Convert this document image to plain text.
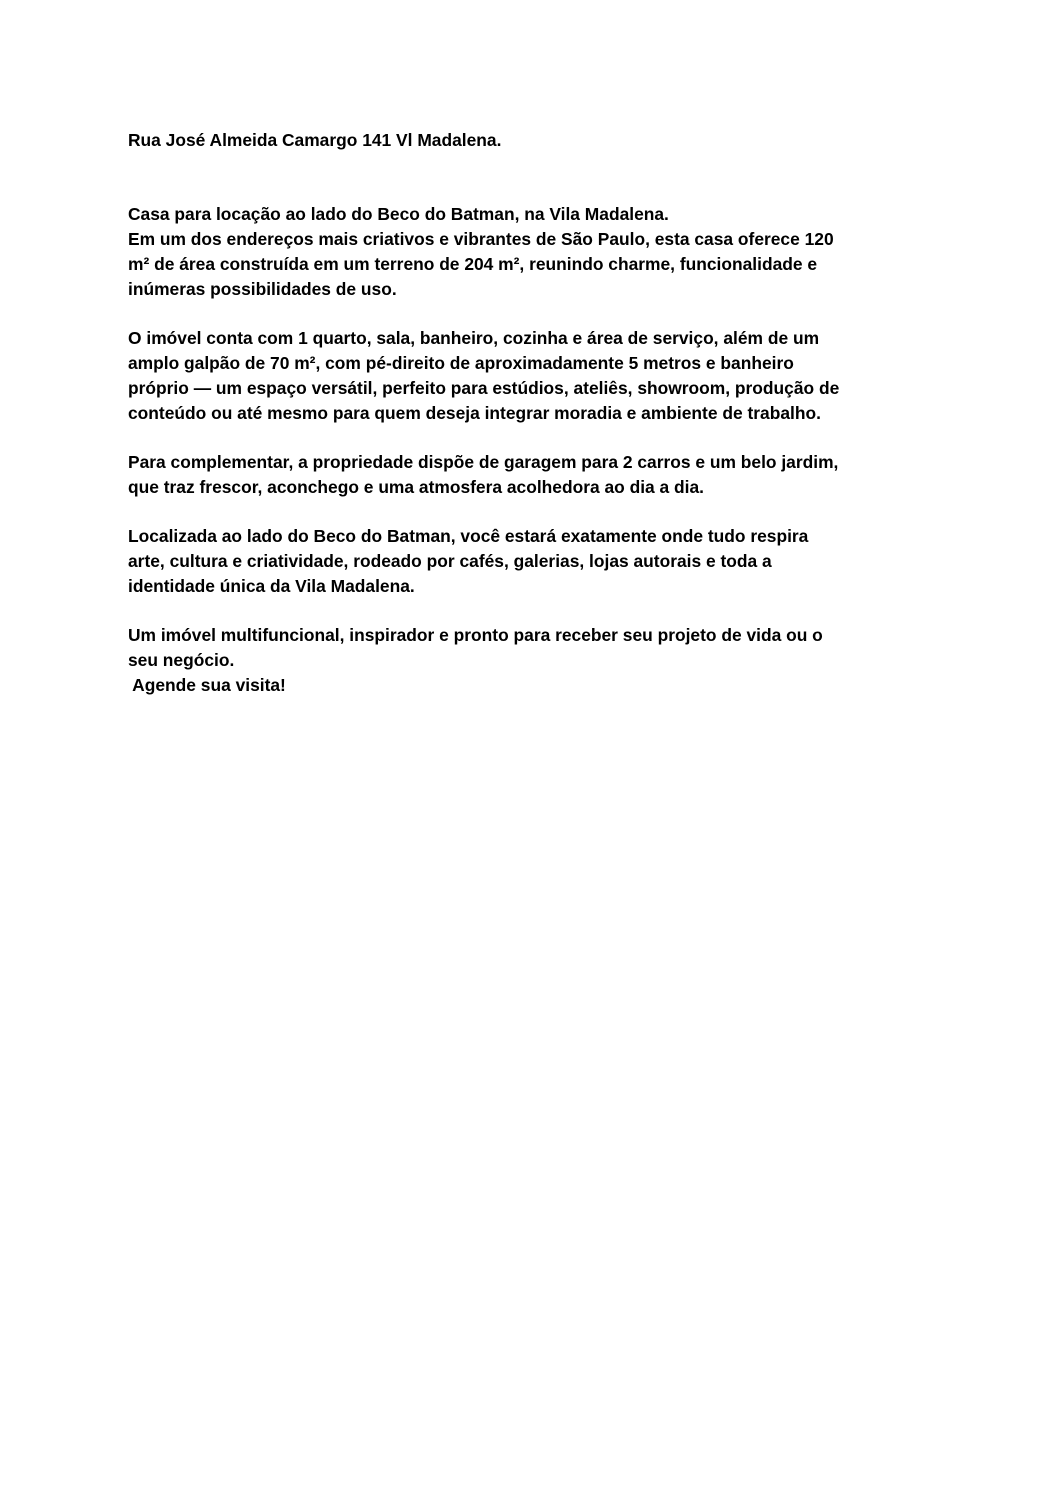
Rua José Almeida Camargo 141 Vl Madalena.

Casa para locação ao lado do Beco do Batman, na Vila Madalena.
Em um dos endereços mais criativos e vibrantes de São Paulo, esta casa oferece 120
m² de área construída em um terreno de 204 m², reunindo charme, funcionalidade e
inúmeras possibilidades de uso.

O imóvel conta com 1 quarto, sala, banheiro, cozinha e área de serviço, além de um
amplo galpão de 70 m², com pé-direito de aproximadamente 5 metros e banheiro
próprio — um espaço versátil, perfeito para estúdios, ateliês, showroom, produção de
conteúdo ou até mesmo para quem deseja integrar moradia e ambiente de trabalho.

Para complementar, a propriedade dispõe de garagem para 2 carros e um belo jardim,
que traz frescor, aconchego e uma atmosfera acolhedora ao dia a dia.

Localizada ao lado do Beco do Batman, você estará exatamente onde tudo respira
arte, cultura e criatividade, rodeado por cafés, galerias, lojas autorais e toda a
identidade única da Vila Madalena.

Um imóvel multifuncional, inspirador e pronto para receber seu projeto de vida ou o
seu negócio.
Agende sua visita!
